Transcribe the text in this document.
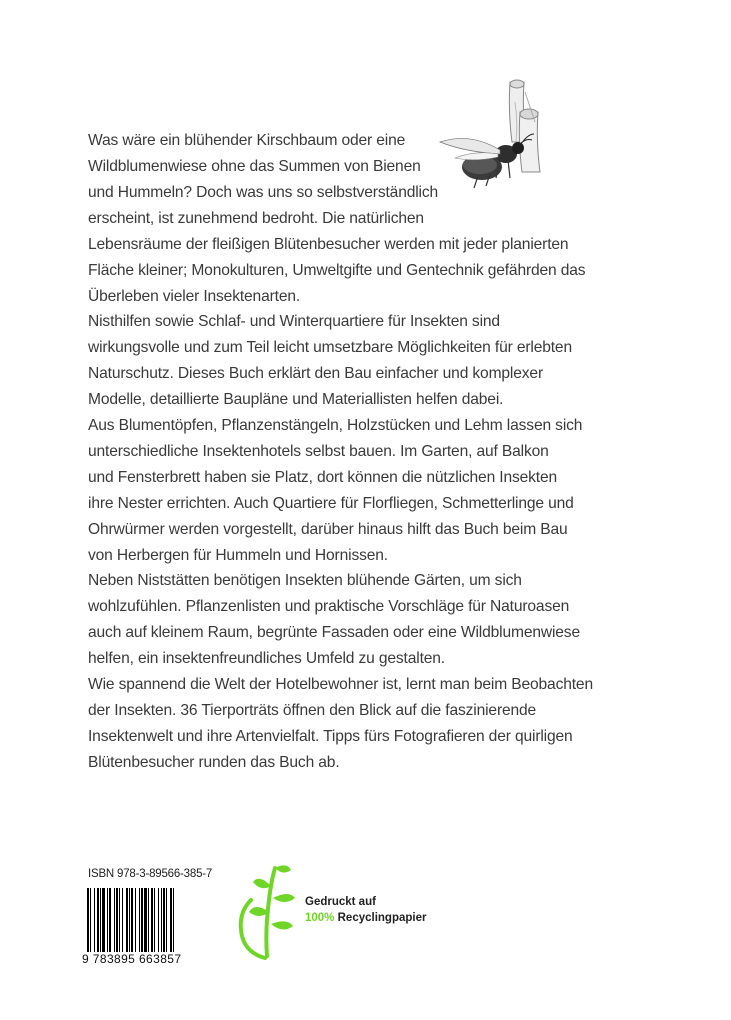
Was wäre ein blühender Kirschbaum oder eine
Wildblumenwiese ohne das Summen von Bienen
und Hummeln? Doch was uns so selbstverständlich
erscheint, ist zunehmend bedroht. Die natürlichen
Lebensräume der fleißigen Blütenbesucher werden mit jeder planierten
Fläche kleiner; Monokulturen, Umweltgifte und Gentechnik gefährden das
Überleben vieler Insektenarten.
Nisthilfen sowie Schlaf- und Winterquartiere für Insekten sind
wirkungsvolle und zum Teil leicht umsetzbare Möglichkeiten für erlebten
Naturschutz. Dieses Buch erklärt den Bau einfacher und komplexer
Modelle, detaillierte Baupläne und Materiallisten helfen dabei.
Aus Blumentöpfen, Pflanzenstängeln, Holzstücken und Lehm lassen sich
unterschiedliche Insektenhotels selbst bauen. Im Garten, auf Balkon
und Fensterbrett haben sie Platz, dort können die nützlichen Insekten
ihre Nester errichten. Auch Quartiere für Florfliegen, Schmetterlinge und
Ohrwürmer werden vorgestellt, darüber hinaus hilft das Buch beim Bau
von Herbergen für Hummeln und Hornissen.
Neben Niststätten benötigen Insekten blühende Gärten, um sich
wohlzufühlen. Pflanzenlisten und praktische Vorschläge für Naturoasen
auch auf kleinem Raum, begrünte Fassaden oder eine Wildblumenwiese
helfen, ein insektenfreundliches Umfeld zu gestalten.
Wie spannend die Welt der Hotelbewohner ist, lernt man beim Beobachten
der Insekten. 36 Tierporträts öffnen den Blick auf die faszinierende
Insektenwelt und ihre Artenvielfalt. Tipps fürs Fotografieren der quirligen
Blütenbesucher runden das Buch ab.
ISBN 978-3-89566-385-7
9 783895 663857
Gedruckt auf
100% Recyclingpapier
